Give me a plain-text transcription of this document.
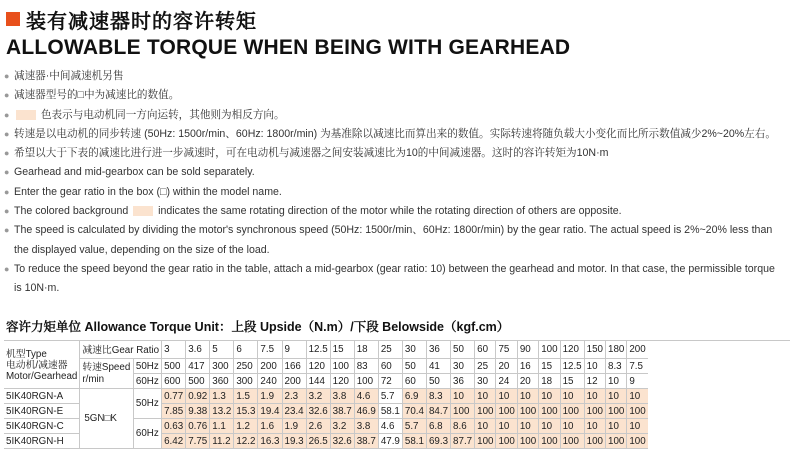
装有减速器时的容许转矩
ALLOWABLE TORQUE WHEN BEING WITH GEARHEAD
● 减速器·中间减速机另售
● 减速器型号的□中为减速比的数值。
●	色表示与电动机同一方向运转，其他则为相反方向。
● 转速是以电动机的同步转速 (50Hz: 1500r/min、60Hz: 1800r/min) 为基准除以减速比而算出来的数值。实际转速将随负载大小变化而比所示数值减少2%~20%左右。
● 希望以大于下表的减速比进行进一步减速时，可在电动机与减速器之间安装减速比为10的中间减速器。这时的容许转矩为10N·m
● Gearhead and mid-gearbox can be sold separately.
● Enter the gear ratio in the box (□) within the model name.
● The colored background	indicates the same rotating direction of the motor while the rotating direction of others are opposite.
● The speed is calculated by dividing the motor's synchronous speed (50Hz: 1500r/min、60Hz: 1800r/min) by the gear ratio. The actual speed is 2%~20% less than the displayed value, depending on the size of the load.
● To reduce the speed beyond the gear ratio in the table, attach a mid-gearbox (gear ratio: 10) between the gearhead and motor. In that case, the permissible torque is 10N·m.
容许力矩单位 Allowance Torque Unit：上段 Upside（N.m）/下段 Belowside（kgf.cm）
机型Type
电动机/减速器
Motor/Gearhead	减速比Gear Ratio		3	3.6	5	6	7.5	9	12.5	15	18	25	30	36	50	60	75	90	100	120	150	180	200

	转速Speed
r/min	50Hz	500	417	300	250	200	166	120	100	83	60	50	41	30	25	20	16	15	12.5	10	8.3	7.5
		60Hz	600	500	360	300	240	200	144	120	100	72	60	50	36	30	24	20	18	15	12	10	9
5IK40RGN-A	5GN□K	50Hz	0.77	0.92	1.3	1.5	1.9	2.3	3.2	3.8	4.6	5.7	6.9	8.3	10	10	10	10	10	10	10	10	10
5IK40RGN-E			7.85	9.38	13.2	15.3	19.4	23.4	32.6	38.7	46.9	58.1	70.4	84.7	100	100	100	100	100	100	100	100	100
5IK40RGN-C		60Hz	0.63	0.76	1.1	1.2	1.6	1.9	2.6	3.2	3.8	4.6	5.7	6.8	8.6	10	10	10	10	10	10	10	10
5IK40RGN-H			6.42	7.75	11.2	12.2	16.3	19.3	26.5	32.6	38.7	47.9	58.1	69.3	87.7	100	100	100	100	100	100	100	100
